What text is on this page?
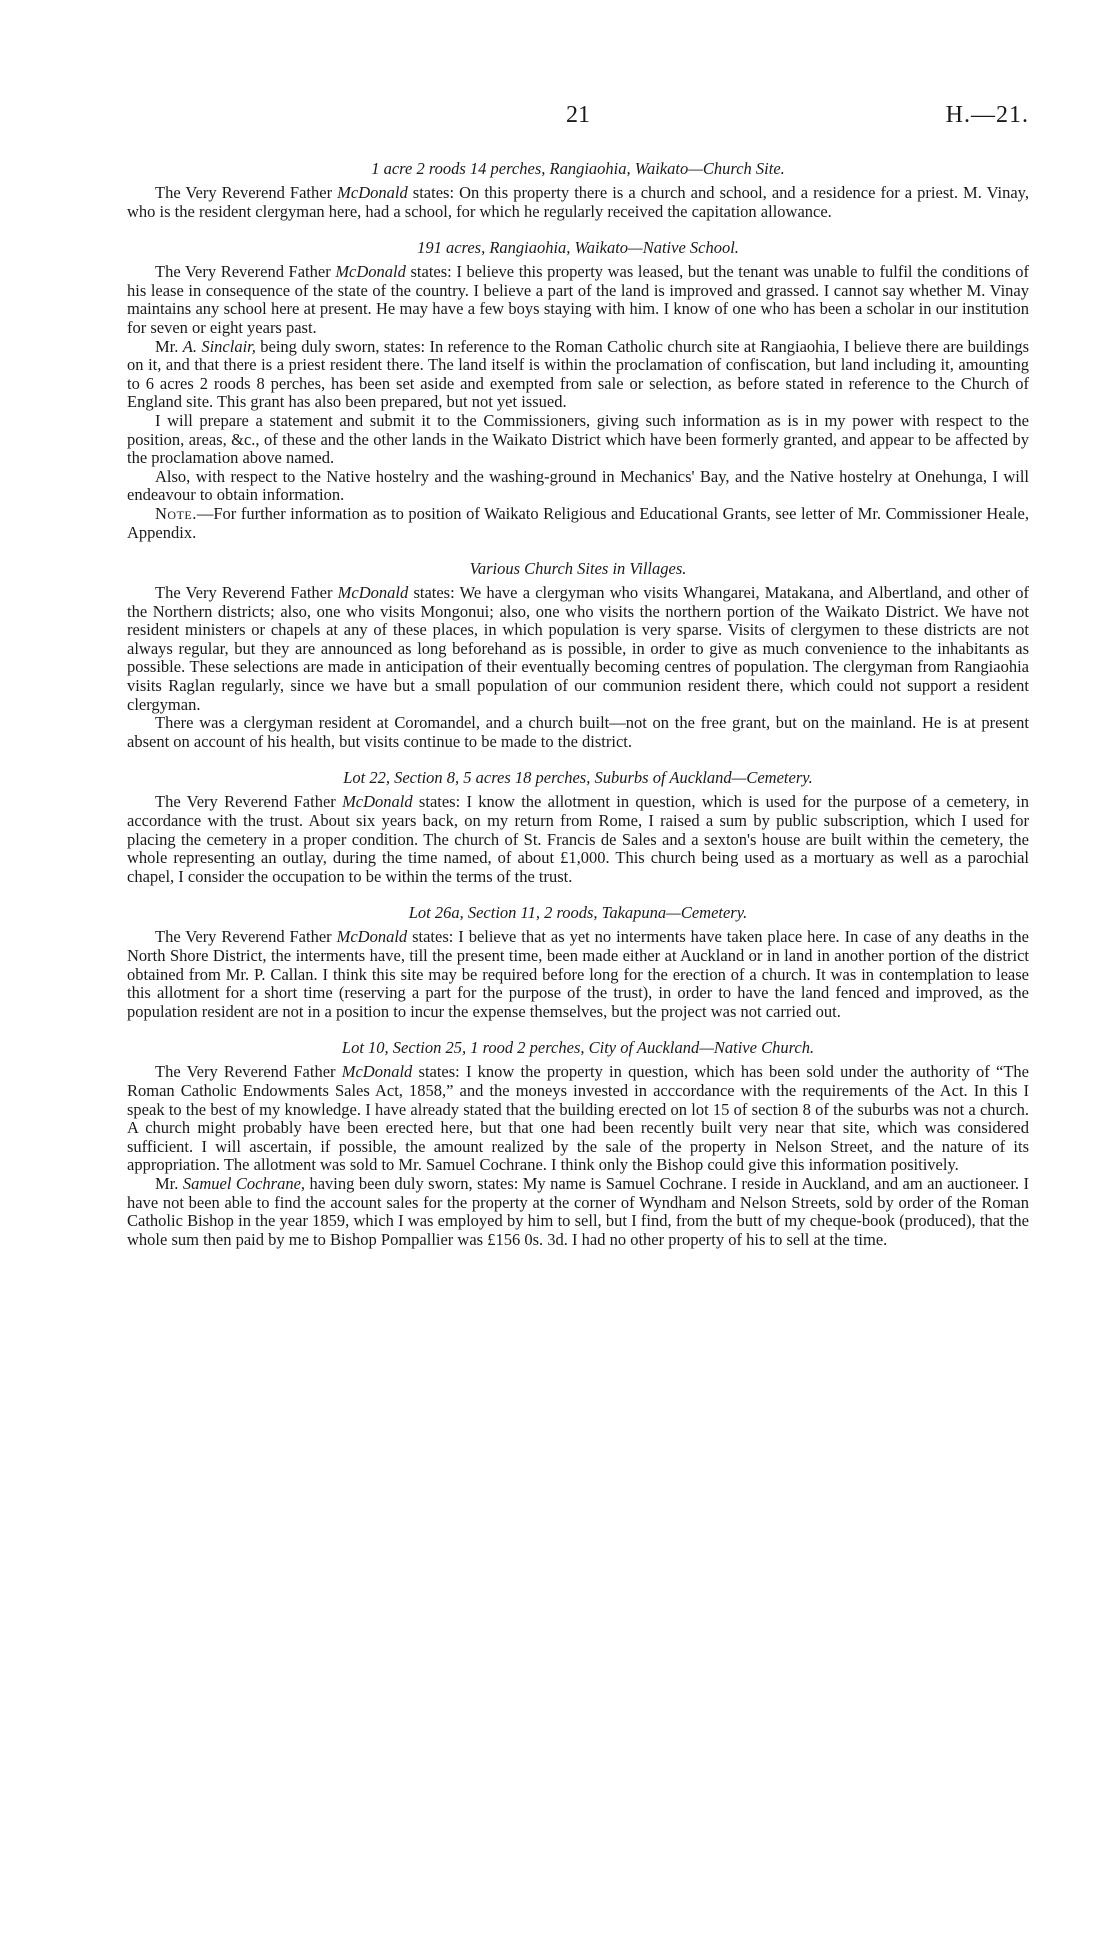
21	H.—21.
1 acre 2 roods 14 perches, Rangiaohia, Waikato—Church Site.

The Very Reverend Father McDonald states: On this property there is a church and school, and a residence for a priest. M. Vinay, who is the resident clergyman here, had a school, for which he regularly received the capitation allowance.

191 acres, Rangiaohia, Waikato—Native School.

The Very Reverend Father McDonald states: I believe this property was leased, but the tenant was unable to fulfil the conditions of his lease in consequence of the state of the country. I believe a part of the land is improved and grassed. I cannot say whether M. Vinay maintains any school here at present. He may have a few boys staying with him. I know of one who has been a scholar in our institution for seven or eight years past.

Mr. A. Sinclair, being duly sworn, states: In reference to the Roman Catholic church site at Rangiaohia, I believe there are buildings on it, and that there is a priest resident there. The land itself is within the proclamation of confiscation, but land including it, amounting to 6 acres 2 roods 8 perches, has been set aside and exempted from sale or selection, as before stated in reference to the Church of England site. This grant has also been prepared, but not yet issued.

I will prepare a statement and submit it to the Commissioners, giving such information as is in my power with respect to the position, areas, &c., of these and the other lands in the Waikato District which have been formerly granted, and appear to be affected by the proclamation above named.

Also, with respect to the Native hostelry and the washing-ground in Mechanics' Bay, and the Native hostelry at Onehunga, I will endeavour to obtain information.

Note.—For further information as to position of Waikato Religious and Educational Grants, see letter of Mr. Commissioner Heale, Appendix.

Various Church Sites in Villages.

The Very Reverend Father McDonald states: We have a clergyman who visits Whangarei, Matakana, and Albertland, and other of the Northern districts; also, one who visits Mongonui; also, one who visits the northern portion of the Waikato District. We have not resident ministers or chapels at any of these places, in which population is very sparse. Visits of clergymen to these districts are not always regular, but they are announced as long beforehand as is possible, in order to give as much convenience to the inhabitants as possible. These selections are made in anticipation of their eventually becoming centres of population. The clergyman from Rangiaohia visits Raglan regularly, since we have but a small population of our communion resident there, which could not support a resident clergyman.

There was a clergyman resident at Coromandel, and a church built—not on the free grant, but on the mainland. He is at present absent on account of his health, but visits continue to be made to the district.

Lot 22, Section 8, 5 acres 18 perches, Suburbs of Auckland—Cemetery.

The Very Reverend Father McDonald states: I know the allotment in question, which is used for the purpose of a cemetery, in accordance with the trust. About six years back, on my return from Rome, I raised a sum by public subscription, which I used for placing the cemetery in a proper condition. The church of St. Francis de Sales and a sexton's house are built within the cemetery, the whole representing an outlay, during the time named, of about £1,000. This church being used as a mortuary as well as a parochial chapel, I consider the occupation to be within the terms of the trust.

Lot 26a, Section 11, 2 roods, Takapuna—Cemetery.

The Very Reverend Father McDonald states: I believe that as yet no interments have taken place here. In case of any deaths in the North Shore District, the interments have, till the present time, been made either at Auckland or in land in another portion of the district obtained from Mr. P. Callan. I think this site may be required before long for the erection of a church. It was in contemplation to lease this allotment for a short time (reserving a part for the purpose of the trust), in order to have the land fenced and improved, as the population resident are not in a position to incur the expense themselves, but the project was not carried out.

Lot 10, Section 25, 1 rood 2 perches, City of Auckland—Native Church.

The Very Reverend Father McDonald states: I know the property in question, which has been sold under the authority of “The Roman Catholic Endowments Sales Act, 1858,” and the moneys invested in acccordance with the requirements of the Act. In this I speak to the best of my knowledge. I have already stated that the building erected on lot 15 of section 8 of the suburbs was not a church. A church might probably have been erected here, but that one had been recently built very near that site, which was considered sufficient. I will ascertain, if possible, the amount realized by the sale of the property in Nelson Street, and the nature of its appropriation. The allotment was sold to Mr. Samuel Cochrane. I think only the Bishop could give this information positively.

Mr. Samuel Cochrane, having been duly sworn, states: My name is Samuel Cochrane. I reside in Auckland, and am an auctioneer. I have not been able to find the account sales for the property at the corner of Wyndham and Nelson Streets, sold by order of the Roman Catholic Bishop in the year 1859, which I was employed by him to sell, but I find, from the butt of my cheque-book (produced), that the whole sum then paid by me to Bishop Pompallier was £156 0s. 3d. I had no other property of his to sell at the time.
